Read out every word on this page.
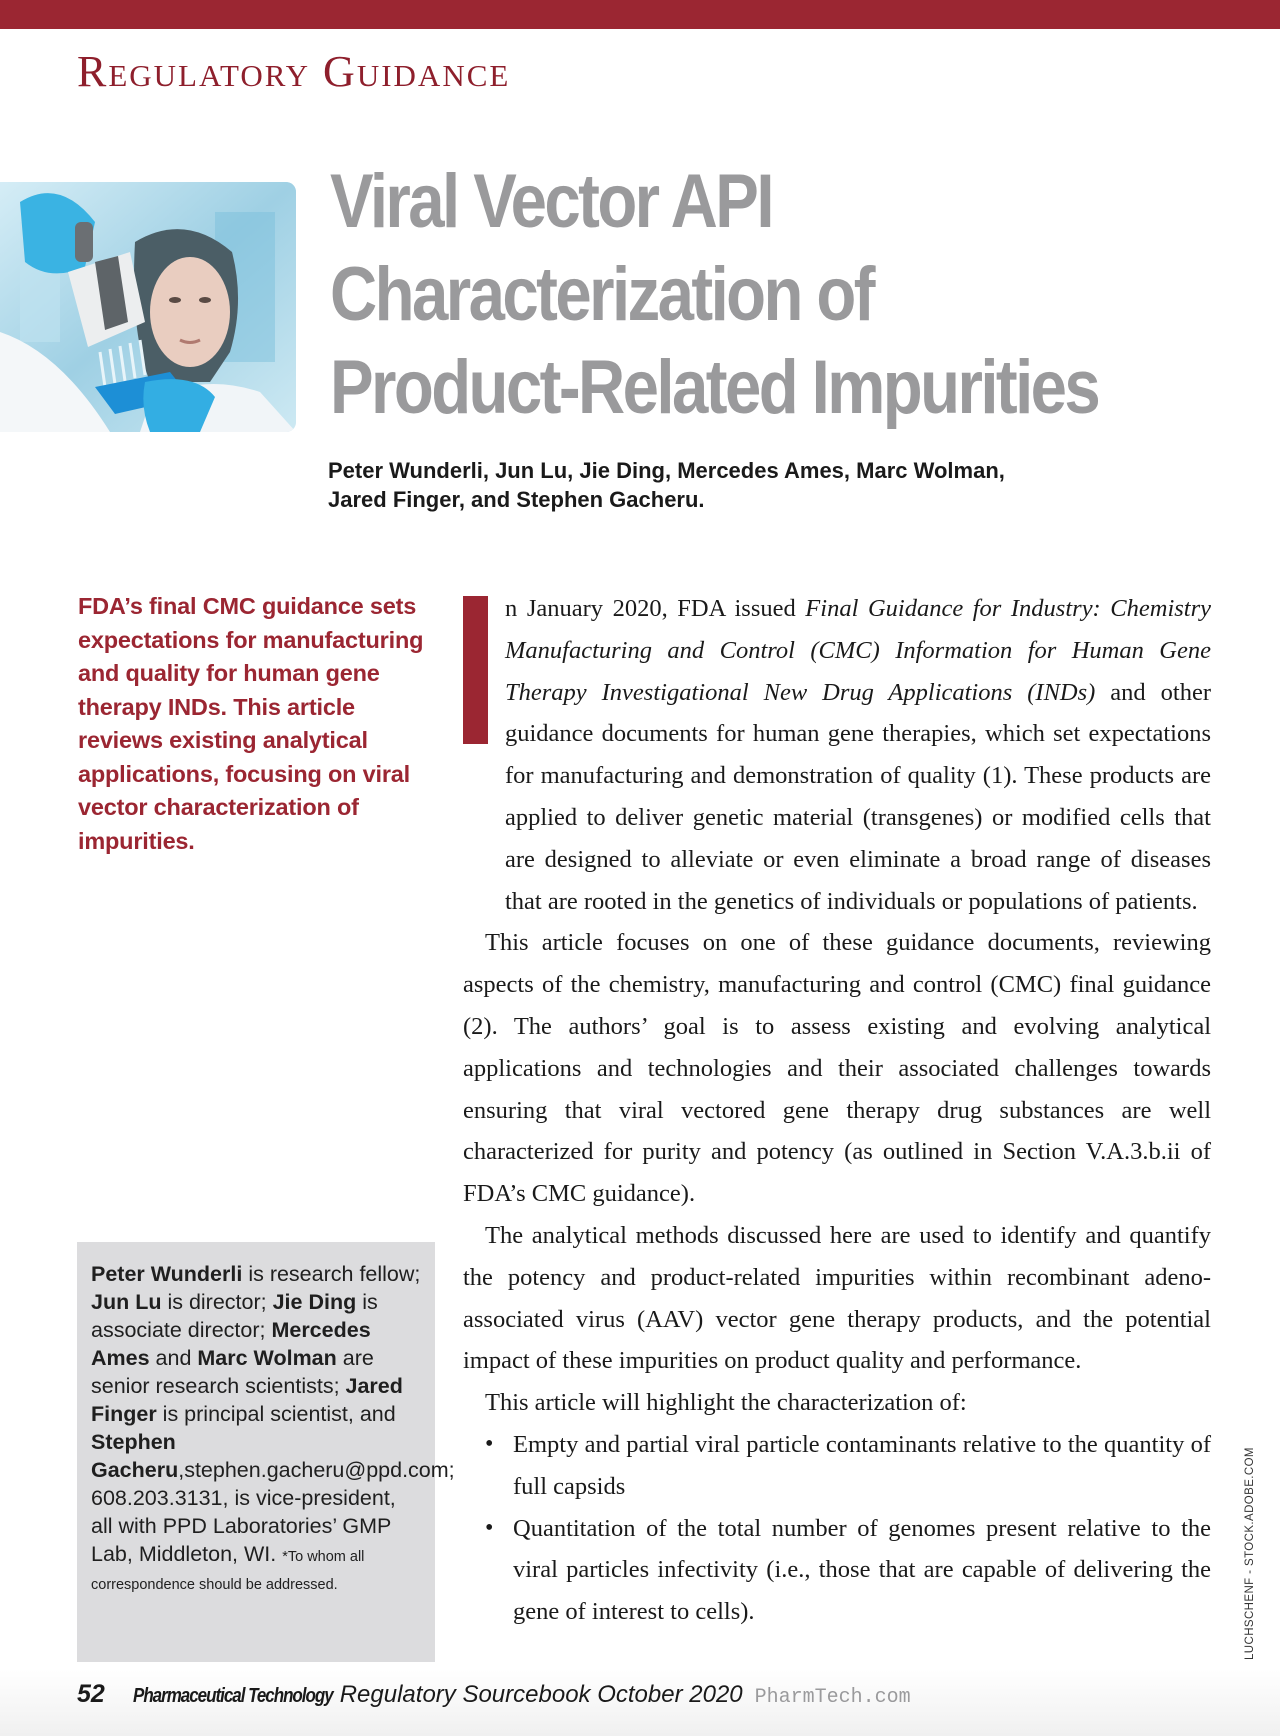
Regulatory Guidance
Viral Vector API
Characterization of
Product-Related Impurities
Peter Wunderli, Jun Lu, Jie Ding, Mercedes Ames, Marc Wolman,
Jared Finger, and Stephen Gacheru.
FDA’s final CMC guidance sets expectations for manufacturing and quality for human gene therapy INDs. This article reviews existing analytical applications, focusing on viral vector characterization of impurities.
Peter Wunderli is research fellow; Jun Lu is director; Jie Ding is associate director; Mercedes Ames and Marc Wolman are senior research scientists; Jared Finger is principal scientist, and Stephen Gacheru,stephen.gacheru@ppd.com; 608.203.3131, is vice-president, all with PPD Laboratories’ GMP Lab, Middleton, WI. *To whom all correspondence should be addressed.

n January 2020, FDA issued Final Guidance for Industry: Chemistry Manufacturing and Control (CMC) Information for Human Gene Therapy Investigational New Drug Applications (INDs) and other guidance documents for human gene therapies, which set expectations for manufacturing and demonstration of quality (1). These products are applied to deliver genetic material (transgenes) or modified cells that are designed to alleviate or even eliminate a broad range of diseases that are rooted in the genetics of individuals or populations of patients.

This article focuses on one of these guidance documents, reviewing aspects of the chemistry, manufacturing and control (CMC) final guidance (2). The authors’ goal is to assess existing and evolving analytical applications and technologies and their associated challenges towards ensuring that viral vectored gene therapy drug substances are well characterized for purity and potency (as outlined in Section V.A.3.b.ii of FDA’s CMC guidance).

The analytical methods discussed here are used to identify and quantify the potency and product-related impurities within recombinant adeno-associated virus (AAV) vector gene therapy products, and the potential impact of these impurities on product quality and performance.

This article will highlight the characterization of:

• Empty and partial viral particle contaminants relative to the quantity of full capsids
• Quantitation of the total number of genomes present relative to the viral particles infectivity (i.e., those that are capable of delivering the gene of interest to cells).	LUCHSCHENF - STOCK.ADOBE.COM
52 Pharmaceutical Technology Regulatory Sourcebook October 2020 PharmTech.com
